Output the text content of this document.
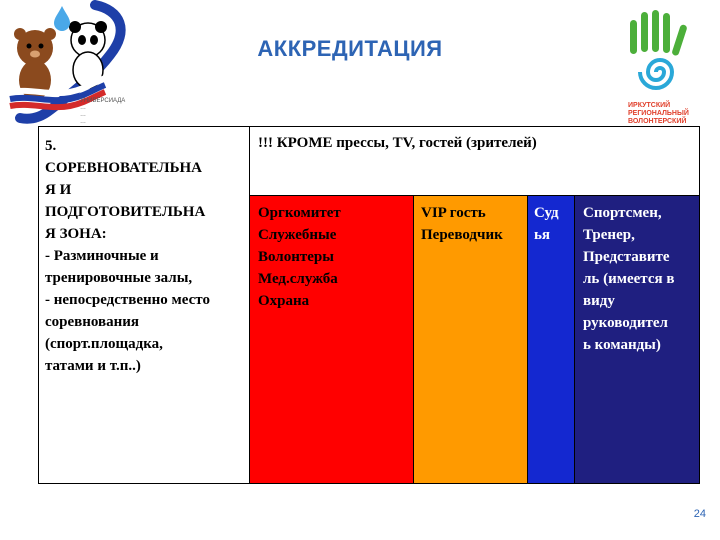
АККРЕДИТАЦИЯ
УНИВЕРСИАДА
…
…
…
ИРКУТСКИЙ
РЕГИОНАЛЬНЫЙ
ВОЛОНТЕРСКИЙ
5.
СОРЕВНОВАТЕЛЬНА
Я И
ПОДГОТОВИТЕЛЬНА
Я ЗОНА:
- Разминочные и
тренировочные залы,
- непосредственно место
соревнования
(спорт.площадка,
татами и т.п..)
!!! КРОМЕ прессы, TV, гостей (зрителей)
Оргкомитет
Служебные
Волонтеры
Мед.служба
Охрана
VIP гость
Переводчик
Суд
ья
Спортсмен,
Тренер,
Представите
ль (имеется в
виду
руководител
ь команды)
24
